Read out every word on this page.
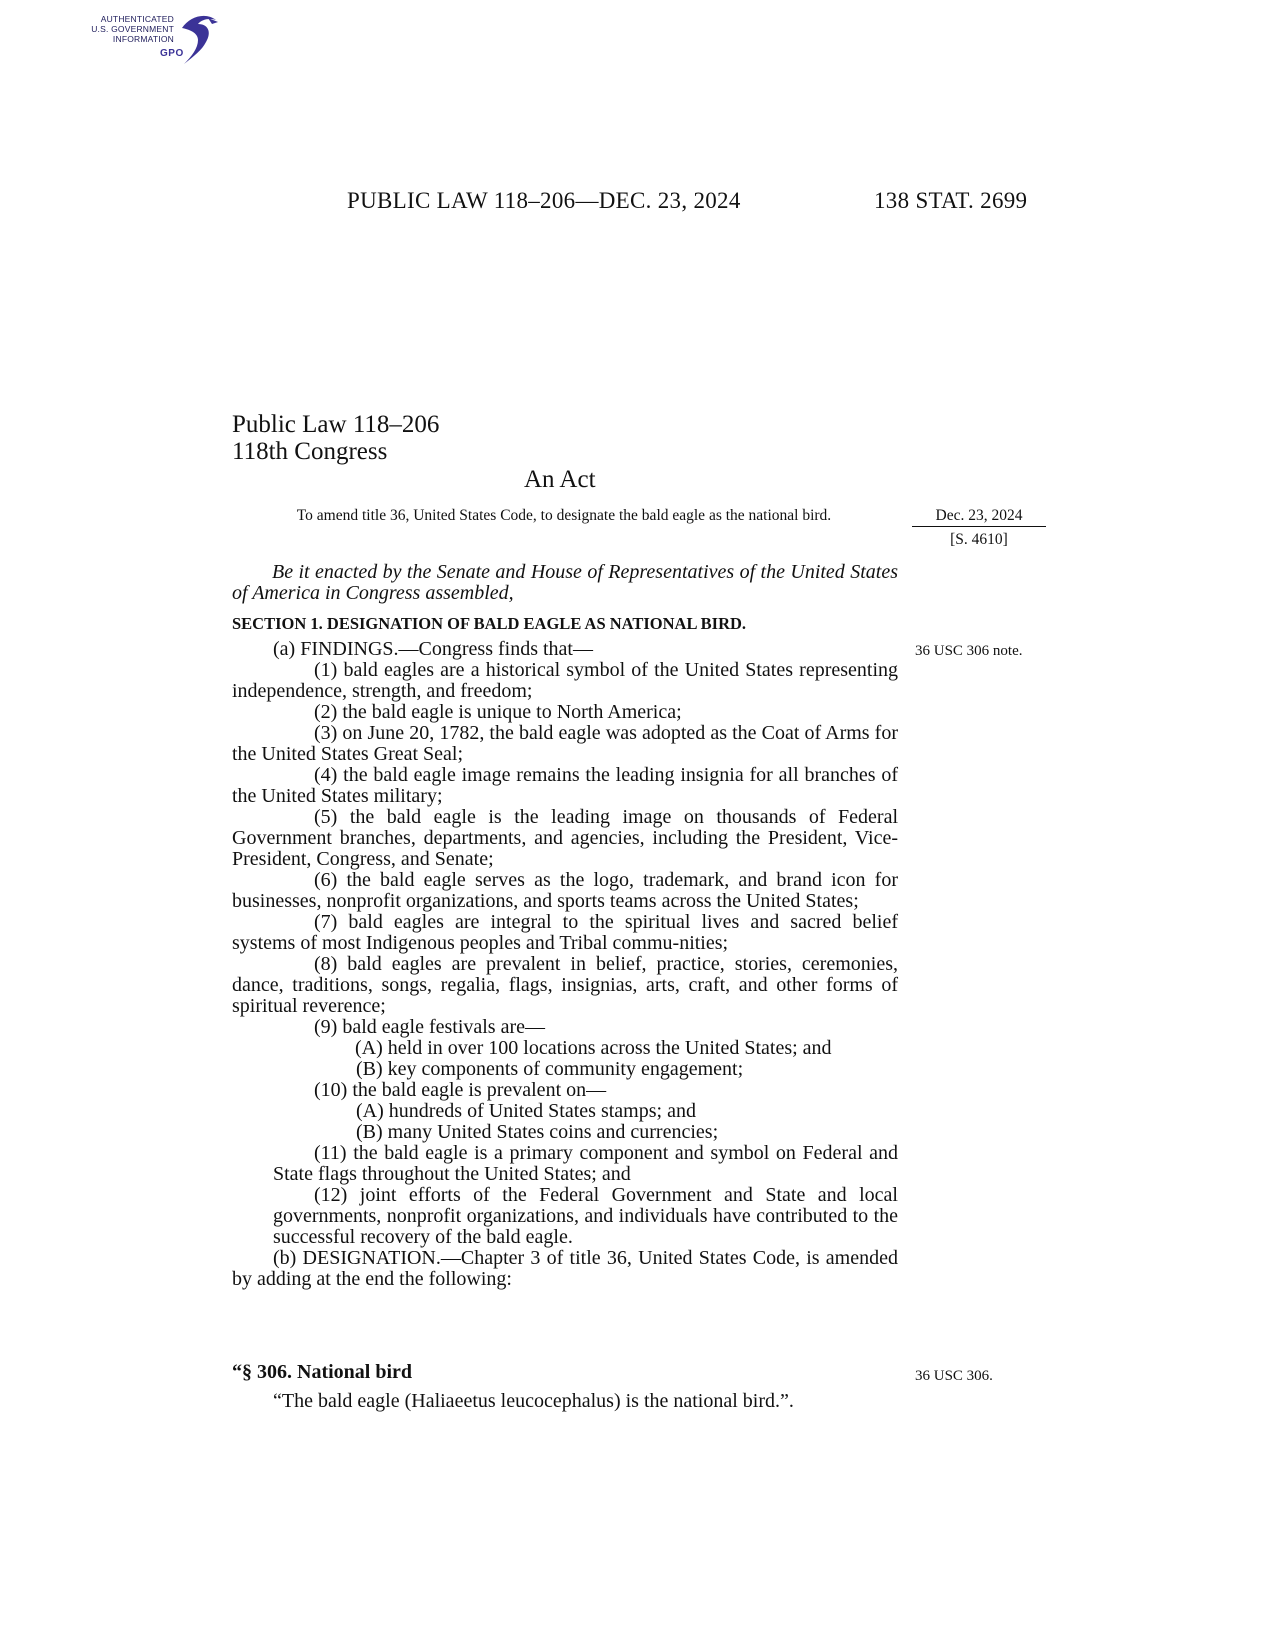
AUTHENTICATED
U.S. GOVERNMENT
INFORMATION
GPO
PUBLIC LAW 118–206—DEC. 23, 2024	138 STAT. 2699
Public Law 118–206
118th Congress
An Act
To amend title 36, United States Code, to designate the bald eagle as the national bird.	Dec. 23, 2024
[S. 4610]
Be it enacted by the Senate and House of Representatives of the United States of America in Congress assembled,
SECTION 1. DESIGNATION OF BALD EAGLE AS NATIONAL BIRD.
36 USC 306 note.
36 USC 306.

(a) FINDINGS.—Congress finds that—

(1) bald eagles are a historical symbol of the United States representing independence, strength, and freedom;

(2) the bald eagle is unique to North America;

(3) on June 20, 1782, the bald eagle was adopted as the Coat of Arms for the United States Great Seal;

(4) the bald eagle image remains the leading insignia for all branches of the United States military;

(5) the bald eagle is the leading image on thousands of Federal Government branches, departments, and agencies, including the President, Vice-President, Congress, and Senate;

(6) the bald eagle serves as the logo, trademark, and brand icon for businesses, nonprofit organizations, and sports teams across the United States;

(7) bald eagles are integral to the spiritual lives and sacred belief systems of most Indigenous peoples and Tribal commu-nities;

(8) bald eagles are prevalent in belief, practice, stories, ceremonies, dance, traditions, songs, regalia, flags, insignias, arts, craft, and other forms of spiritual reverence;

(9) bald eagle festivals are—

(A) held in over 100 locations across the United States; and

(B) key components of community engagement;

(10) the bald eagle is prevalent on—

(A) hundreds of United States stamps; and

(B) many United States coins and currencies;

(11) the bald eagle is a primary component and symbol on Federal and State flags throughout the United States; and

(12) joint efforts of the Federal Government and State and local governments, nonprofit organizations, and individuals have contributed to the successful recovery of the bald eagle.

(b) DESIGNATION.—Chapter 3 of title 36, United States Code, is amended by adding at the end the following:

“§ 306. National bird

“The bald eagle (Haliaeetus leucocephalus) is the national bird.”.
